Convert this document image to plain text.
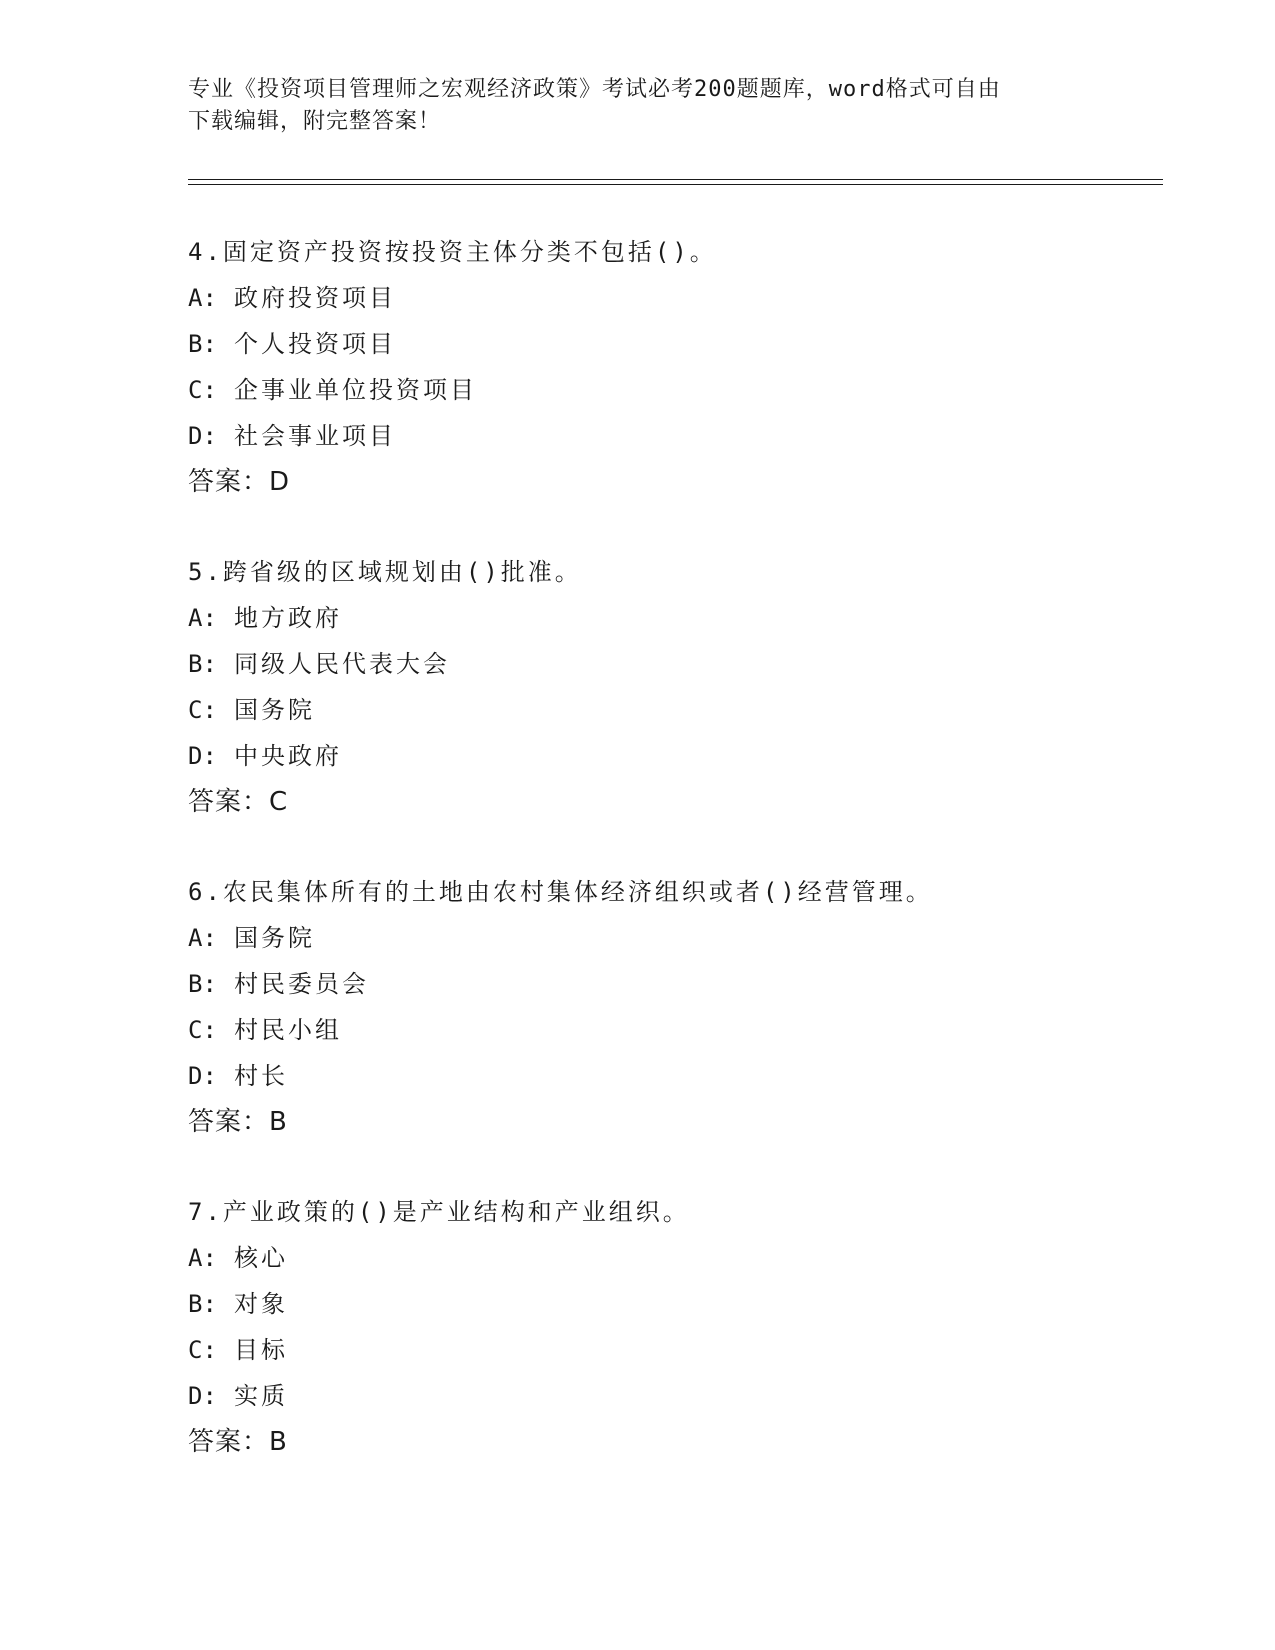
专业《投资项目管理师之宏观经济政策》考试必考200题题库，word格式可自由
下载编辑，附完整答案！
4.固定资产投资按投资主体分类不包括()。
A: 政府投资项目
B: 个人投资项目
C: 企事业单位投资项目
D: 社会事业项目
答案：D
5.跨省级的区域规划由()批准。
A: 地方政府
B: 同级人民代表大会
C: 国务院
D: 中央政府
答案：C
6.农民集体所有的土地由农村集体经济组织或者()经营管理。
A: 国务院
B: 村民委员会
C: 村民小组
D: 村长
答案：B
7.产业政策的()是产业结构和产业组织。
A: 核心
B: 对象
C: 目标
D: 实质
答案：B
